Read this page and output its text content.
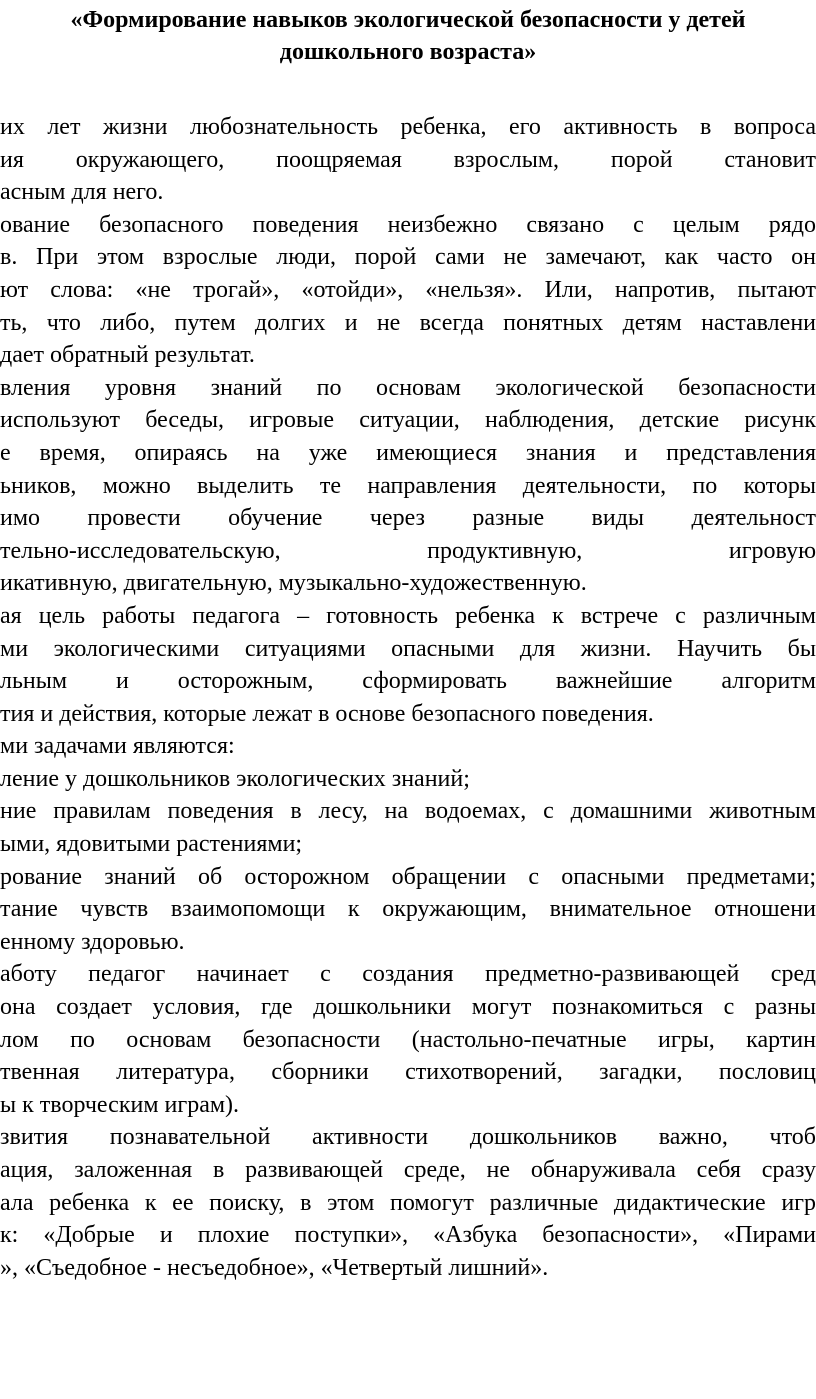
«Формирование навыков экологической безопасности у детей
дошкольного возраста»
их лет жизни любознательность ребенка, его активность в вопроса
ия окружающего, поощряемая взрослым, порой становит
асным для него.
ование безопасного поведения неизбежно связано с целым рядо
в. При этом взрослые люди, порой сами не замечают, как часто он
ют слова: «не трогай», «отойди», «нельзя». Или, напротив, пытают
ть, что либо, путем долгих и не всегда понятных детям наставлени
дает обратный результат.
вления уровня знаний по основам экологической безопасности
используют беседы, игровые ситуации, наблюдения, детские рисунк
е время, опираясь на уже имеющиеся знания и представления
ьников, можно выделить те направления деятельности, по которы
имо провести обучение через разные виды деятельност
тельно-исследовательскую, продуктивную, игровую
икативную, двигательную, музыкально-художественную.
ая цель работы педагога – готовность ребенка к встрече с различным
ми экологическими ситуациями опасными для жизни. Научить бы
льным и осторожным, сформировать важнейшие алгоритм
тия и действия, которые лежат в основе безопасного поведения.
ми задачами являются:
ление у дошкольников экологических знаний;
ние правилам поведения в лесу, на водоемах, с домашними животным
ыми, ядовитыми растениями;
рование знаний об осторожном обращении с опасными предметами;
тание чувств взаимопомощи к окружающим, внимательное отношени
енному здоровью.
аботу педагог начинает с создания предметно-развивающей сред
она создает условия, где дошкольники могут познакомиться с разны
лом по основам безопасности (настольно-печатные игры, картин
твенная литература, сборники стихотворений, загадки, пословиц
ы к творческим играм).
звития познавательной активности дошкольников важно, чтоб
ация, заложенная в развивающей среде, не обнаруживала себя сразу
ала ребенка к ее поиску, в этом помогут различные дидактические игр
к: «Добрые и плохие поступки», «Азбука безопасности», «Пирами
», «Съедобное - несъедобное», «Четвертый лишний».
